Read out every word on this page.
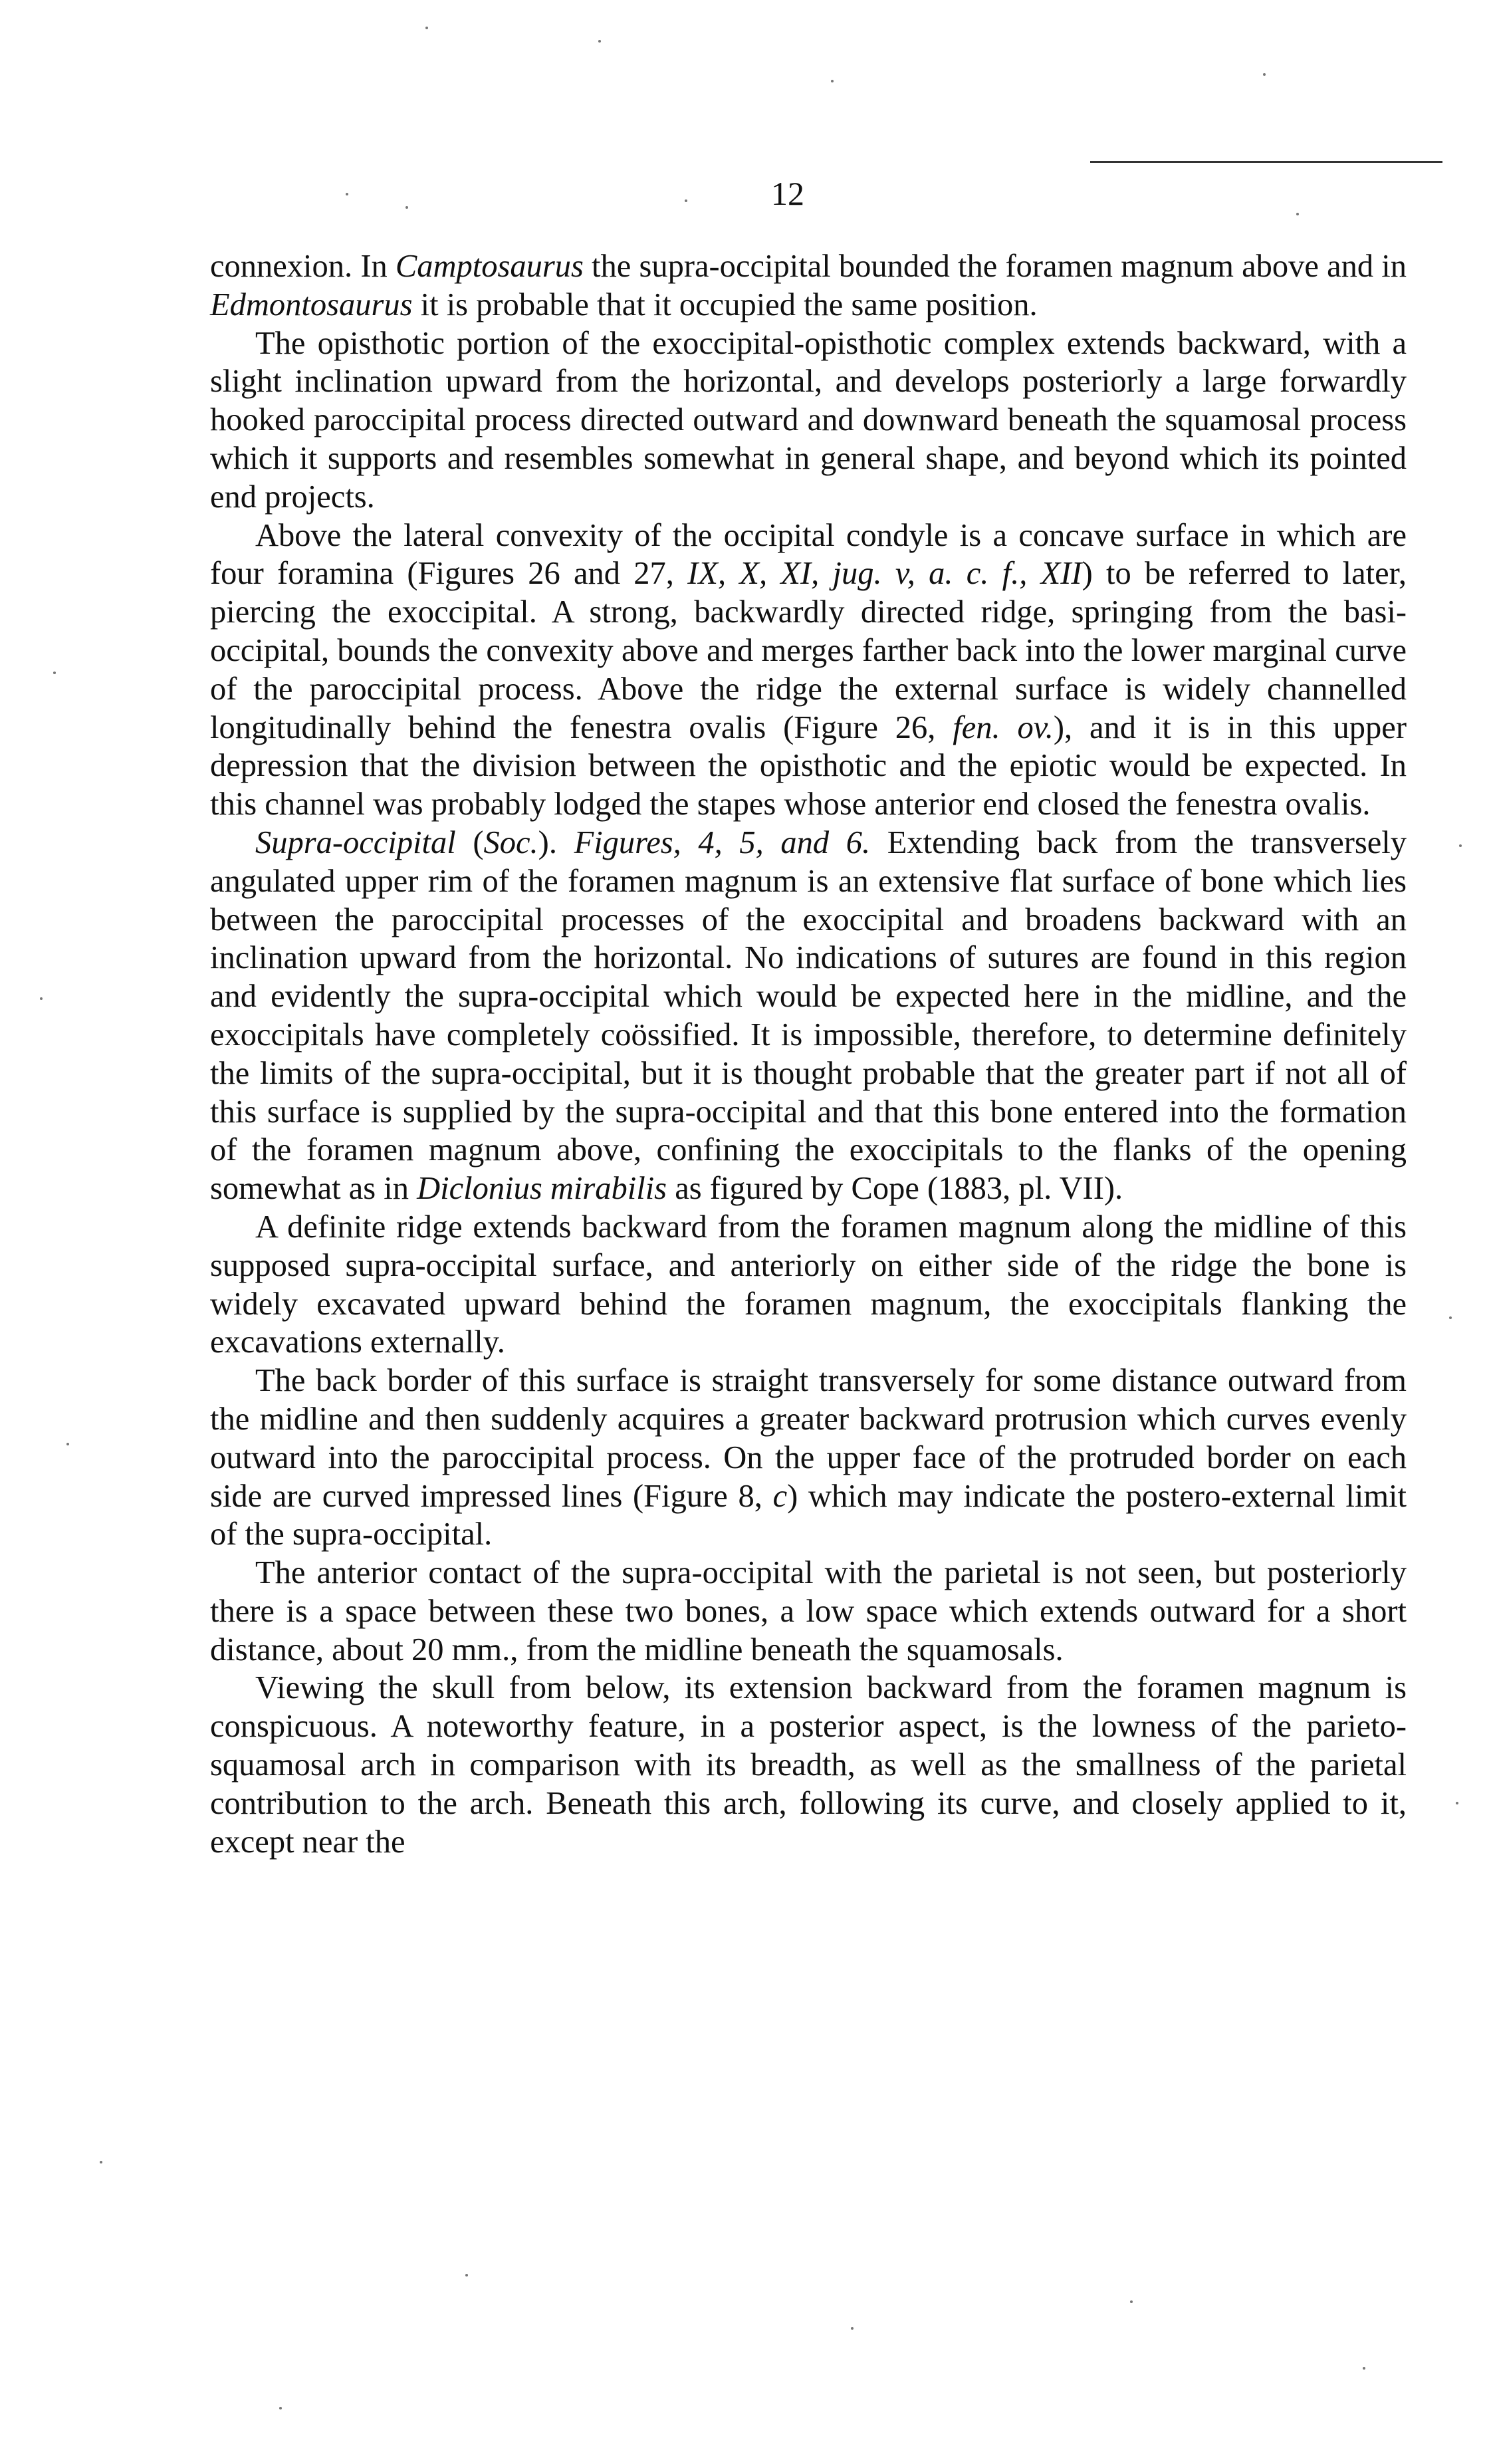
12

connexion. In Camptosaurus the supra-occipital bounded the foramen magnum above and in Edmontosaurus it is probable that it occupied the same position.

The opisthotic portion of the exoccipital-opisthotic complex extends backward, with a slight inclination upward from the horizontal, and develops posteriorly a large forwardly hooked paroccipital process directed outward and downward beneath the squamosal process which it supports and resembles somewhat in general shape, and beyond which its pointed end projects.

Above the lateral convexity of the occipital condyle is a concave surface in which are four foramina (Figures 26 and 27, IX, X, XI, jug. v, a. c. f., XII) to be referred to later, piercing the exoccipital. A strong, backwardly directed ridge, springing from the basi-occipital, bounds the convexity above and merges farther back into the lower marginal curve of the paroccipital process. Above the ridge the external surface is widely channelled longitudinally behind the fenestra ovalis (Figure 26, fen. ov.), and it is in this upper depression that the division between the opisthotic and the epiotic would be expected. In this channel was probably lodged the stapes whose anterior end closed the fenestra ovalis.

Supra-occipital (Soc.). Figures, 4, 5, and 6. Extending back from the transversely angulated upper rim of the foramen magnum is an extensive flat surface of bone which lies between the paroccipital processes of the exoccipital and broadens backward with an inclination upward from the horizontal. No indications of sutures are found in this region and evidently the supra-occipital which would be expected here in the midline, and the exoccipitals have completely coössified. It is impossible, therefore, to determine definitely the limits of the supra-occipital, but it is thought probable that the greater part if not all of this surface is supplied by the supra-occipital and that this bone entered into the formation of the foramen magnum above, confining the exoccipitals to the flanks of the opening somewhat as in Diclonius mirabilis as figured by Cope (1883, pl. VII).

A definite ridge extends backward from the foramen magnum along the midline of this supposed supra-occipital surface, and anteriorly on either side of the ridge the bone is widely excavated upward behind the foramen magnum, the exoccipitals flanking the excavations externally.

The back border of this surface is straight transversely for some distance outward from the midline and then suddenly acquires a greater backward protrusion which curves evenly outward into the paroccipital process. On the upper face of the protruded border on each side are curved impressed lines (Figure 8, c) which may indicate the postero-external limit of the supra-occipital.

The anterior contact of the supra-occipital with the parietal is not seen, but posteriorly there is a space between these two bones, a low space which extends outward for a short distance, about 20 mm., from the midline beneath the squamosals.

Viewing the skull from below, its extension backward from the foramen magnum is conspicuous. A noteworthy feature, in a posterior aspect, is the lowness of the parieto-squamosal arch in comparison with its breadth, as well as the smallness of the parietal contribution to the arch. Beneath this arch, following its curve, and closely applied to it, except near the
